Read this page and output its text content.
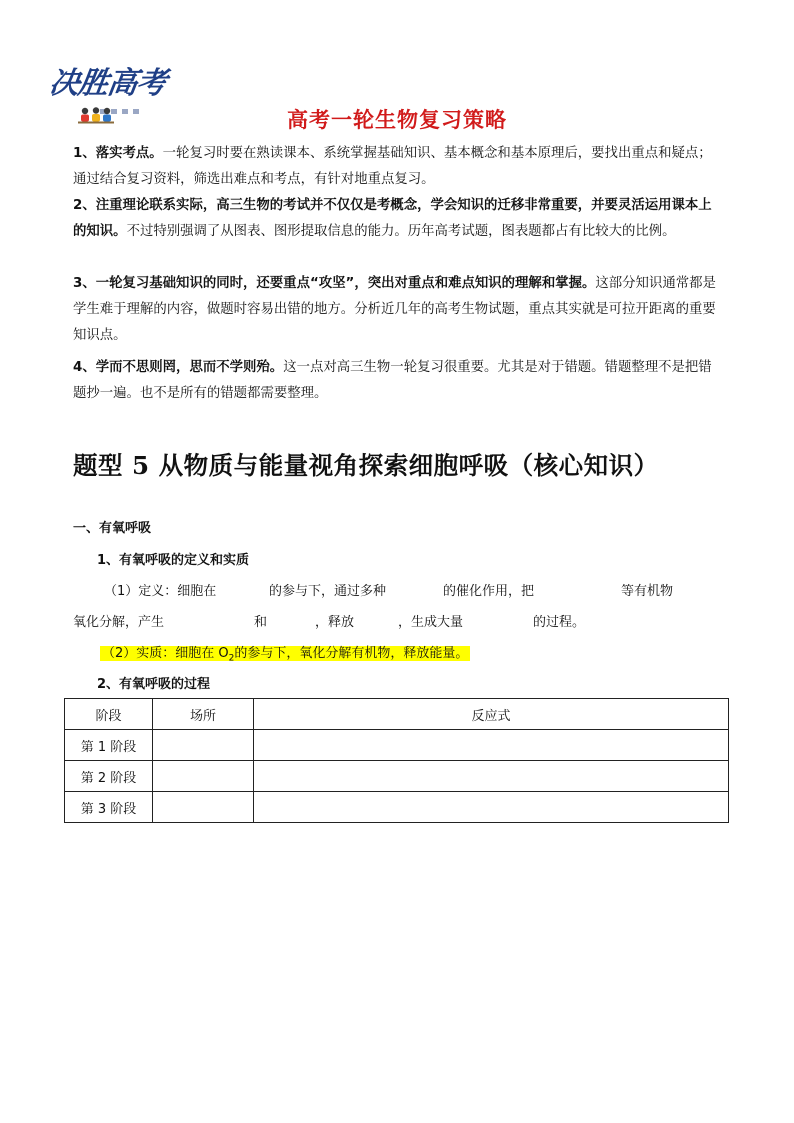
决胜高考
高考一轮生物复习策略
1、落实考点。一轮复习时要在熟读课本、系统掌握基础知识、基本概念和基本原理后，要找出重点和疑点；通过结合复习资料，筛选出难点和考点，有针对地重点复习。
2、注重理论联系实际，高三生物的考试并不仅仅是考概念，学会知识的迁移非常重要，并要灵活运用课本上的知识。不过特别强调了从图表、图形提取信息的能力。历年高考试题，图表题都占有比较大的比例。
3、一轮复习基础知识的同时，还要重点“攻坚”，突出对重点和难点知识的理解和掌握。这部分知识通常都是学生难于理解的内容，做题时容易出错的地方。分析近几年的高考生物试题，重点其实就是可拉开距离的重要知识点。
4、学而不思则罔，思而不学则殆。这一点对高三生物一轮复习很重要。尤其是对于错题。错题整理不是把错题抄一遍。也不是所有的错题都需要整理。
题型 5 从物质与能量视角探索细胞呼吸（核心知识）
一、有氧呼吸
1、有氧呼吸的定义和实质
（1）定义：细胞在	的参与下，通过多种	的催化作用，把	等有机物
氧化分解，产生	和	，释放	，生成大量	的过程。
（2）实质：细胞在 $O_2$的参与下，氧化分解有机物，释放能量。
2、有氧呼吸的过程
阶段	场所	反应式
第 1 阶段		
第 2 阶段		
第 3 阶段		
